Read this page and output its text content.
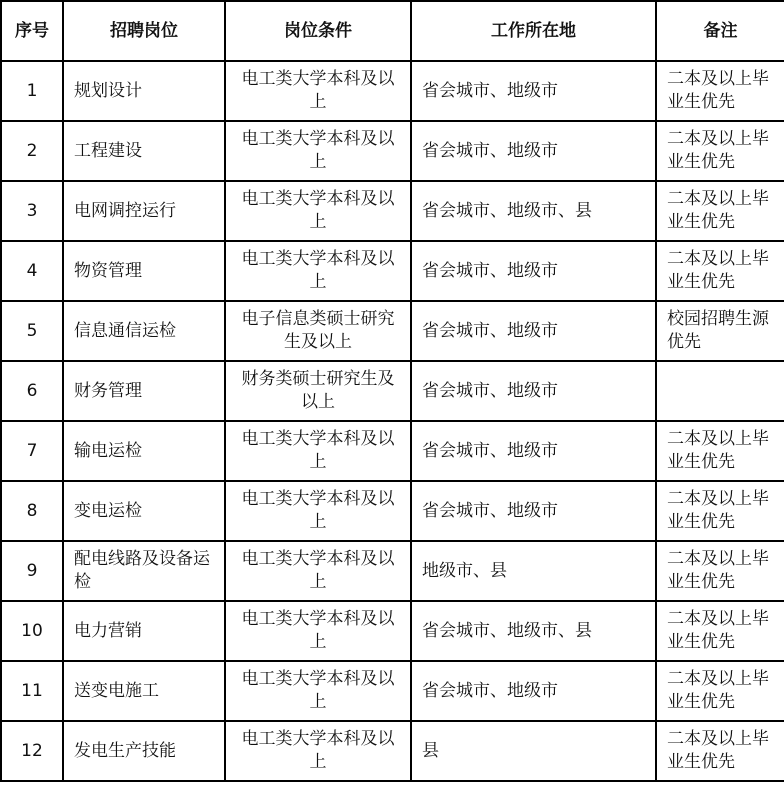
序号	招聘岗位	岗位条件	工作所在地	备注
1	规划设计	电工类大学本科及以上	省会城市、地级市	二本及以上毕业生优先
2	工程建设	电工类大学本科及以上	省会城市、地级市	二本及以上毕业生优先
3	电网调控运行	电工类大学本科及以上	省会城市、地级市、县	二本及以上毕业生优先
4	物资管理	电工类大学本科及以上	省会城市、地级市	二本及以上毕业生优先
5	信息通信运检	电子信息类硕士研究生及以上	省会城市、地级市	校园招聘生源优先
6	财务管理	财务类硕士研究生及以上	省会城市、地级市	
7	输电运检	电工类大学本科及以上	省会城市、地级市	二本及以上毕业生优先
8	变电运检	电工类大学本科及以上	省会城市、地级市	二本及以上毕业生优先
9	配电线路及设备运检	电工类大学本科及以上	地级市、县	二本及以上毕业生优先
10	电力营销	电工类大学本科及以上	省会城市、地级市、县	二本及以上毕业生优先
11	送变电施工	电工类大学本科及以上	省会城市、地级市	二本及以上毕业生优先
12	发电生产技能	电工类大学本科及以上	县	二本及以上毕业生优先
